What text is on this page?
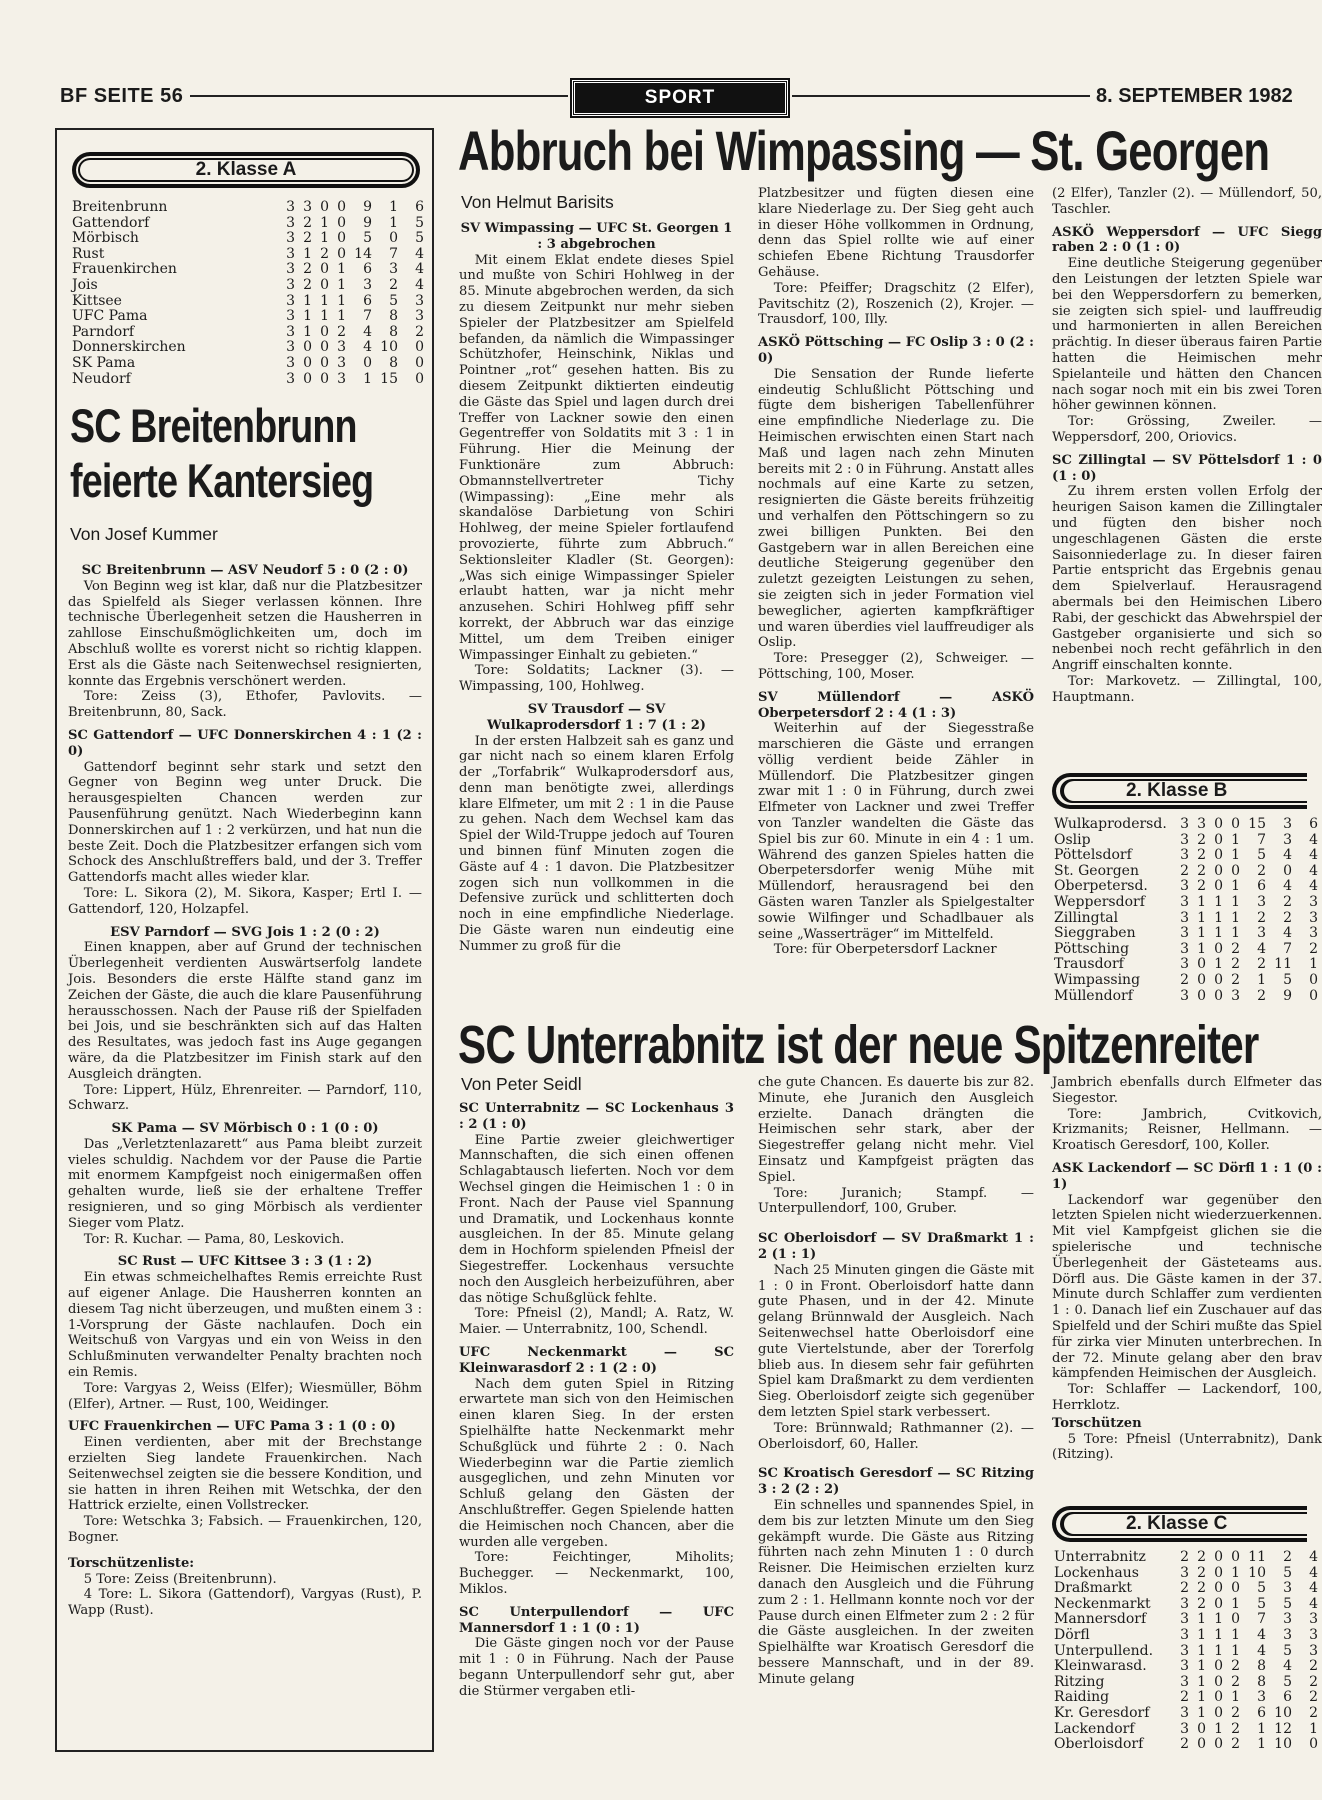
BF SEITE 56	SPORT	8. SEPTEMBER 1982
2. Klasse A
Breitenbrunn	3	3	0	0	9	1	6
Gattendorf	3	2	1	0	9	1	5
Mörbisch	3	2	1	0	5	0	5
Rust	3	1	2	0	14	7	4
Frauenkirchen	3	2	0	1	6	3	4
Jois	3	2	0	1	3	2	4
Kittsee	3	1	1	1	6	5	3
UFC Pama	3	1	1	1	7	8	3
Parndorf	3	1	0	2	4	8	2
Donnerskirchen	3	0	0	3	4	10	0
SK Pama	3	0	0	3	0	8	0
Neudorf	3	0	0	3	1	15	0
SC Breitenbrunn
feierte Kantersieg
Von Josef Kummer

SC Breitenbrunn — ASV Neudorf 5 : 0 (2 : 0)

Von Beginn weg ist klar, daß nur die Platzbesitzer das Spielfeld als Sieger verlassen können. Ihre technische Überlegenheit setzen die Hausherren in zahllose Einschußmöglichkeiten um, doch im Abschluß wollte es vorerst nicht so richtig klappen. Erst als die Gäste nach Seitenwechsel resignierten, konnte das Ergebnis verschönert werden.

Tore: Zeiss (3), Ethofer, Pavlovits. — Breitenbrunn, 80, Sack.

SC Gattendorf — UFC Donnerskirchen 4 : 1 (2 : 0)

Gattendorf beginnt sehr stark und setzt den Gegner von Beginn weg unter Druck. Die herausgespielten Chancen werden zur Pausenführung genützt. Nach Wiederbeginn kann Donnerskirchen auf 1 : 2 verkürzen, und hat nun die beste Zeit. Doch die Platzbesitzer erfangen sich vom Schock des Anschlußtreffers bald, und der 3. Treffer Gattendorfs macht alles wieder klar.

Tore: L. Sikora (2), M. Sikora, Kasper; Ertl I. — Gattendorf, 120, Holzapfel.

ESV Parndorf — SVG Jois 1 : 2 (0 : 2)

Einen knappen, aber auf Grund der technischen Überlegenheit verdienten Auswärtserfolg landete Jois. Besonders die erste Hälfte stand ganz im Zeichen der Gäste, die auch die klare Pausenführung herausschossen. Nach der Pause riß der Spielfaden bei Jois, und sie beschränkten sich auf das Halten des Resultates, was jedoch fast ins Auge gegangen wäre, da die Platzbesitzer im Finish stark auf den Ausgleich drängten.

Tore: Lippert, Hülz, Ehrenreiter. — Parndorf, 110, Schwarz.

SK Pama — SV Mörbisch 0 : 1 (0 : 0)

Das „Verletztenlazarett“ aus Pama bleibt zurzeit vieles schuldig. Nachdem vor der Pause die Partie mit enormem Kampfgeist noch einigermaßen offen gehalten wurde, ließ sie der erhaltene Treffer resignieren, und so ging Mörbisch als verdienter Sieger vom Platz.

Tor: R. Kuchar. — Pama, 80, Leskovich.

SC Rust — UFC Kittsee 3 : 3 (1 : 2)

Ein etwas schmeichelhaftes Remis erreichte Rust auf eigener Anlage. Die Hausherren konnten an diesem Tag nicht überzeugen, und mußten einem 3 : 1-Vorsprung der Gäste nachlaufen. Doch ein Weitschuß von Vargyas und ein von Weiss in den Schlußminuten verwandelter Penalty brachten noch ein Remis.

Tore: Vargyas 2, Weiss (Elfer); Wiesmüller, Böhm (Elfer), Artner. — Rust, 100, Weidinger.

UFC Frauenkirchen — UFC Pama 3 : 1 (0 : 0)

Einen verdienten, aber mit der Brechstange erzielten Sieg landete Frauenkirchen. Nach Seitenwechsel zeigten sie die bessere Kondition, und sie hatten in ihren Reihen mit Wetschka, der den Hattrick erzielte, einen Vollstrecker.

Tore: Wetschka 3; Fabsich. — Frauenkirchen, 120, Bogner.

Torschützenliste:

5 Tore: Zeiss (Breitenbrunn).

4 Tore: L. Sikora (Gattendorf), Vargyas (Rust), P. Wapp (Rust).

Abbruch bei Wimpassing — St. Georgen
Von Helmut Barisits

SV Wimpassing — UFC St. Georgen 1 : 3 abgebrochen

Mit einem Eklat endete dieses Spiel und mußte von Schiri Hohlweg in der 85. Minute abgebrochen werden, da sich zu diesem Zeitpunkt nur mehr sieben Spieler der Platzbesitzer am Spielfeld befanden, da nämlich die Wimpassinger Schützhofer, Heinschink, Niklas und Pointner „rot“ gesehen hatten. Bis zu diesem Zeitpunkt diktierten eindeutig die Gäste das Spiel und lagen durch drei Treffer von Lackner sowie den einen Gegentreffer von Soldatits mit 3 : 1 in Führung. Hier die Meinung der Funktionäre zum Abbruch: Obmannstellvertreter Tichy (Wimpassing): „Eine mehr als skandalöse Darbietung von Schiri Hohlweg, der meine Spieler fortlaufend provozierte, führte zum Abbruch.“ Sektionsleiter Kladler (St. Georgen): „Was sich einige Wimpassinger Spieler erlaubt hatten, war ja nicht mehr anzusehen. Schiri Hohlweg pfiff sehr korrekt, der Abbruch war das einzige Mittel, um dem Treiben einiger Wimpassinger Einhalt zu gebieten.“

Tore: Soldatits; Lackner (3). — Wimpassing, 100, Hohlweg.

SV Trausdorf — SV Wulkaprodersdorf 1 : 7 (1 : 2)

In der ersten Halbzeit sah es ganz und gar nicht nach so einem klaren Erfolg der „Torfabrik“ Wulkaprodersdorf aus, denn man benötigte zwei, allerdings klare Elfmeter, um mit 2 : 1 in die Pause zu gehen. Nach dem Wechsel kam das Spiel der Wild-Truppe jedoch auf Touren und binnen fünf Minuten zogen die Gäste auf 4 : 1 davon. Die Platzbesitzer zogen sich nun vollkommen in die Defensive zurück und schlitterten doch noch in eine empfindliche Niederlage. Die Gäste waren nun eindeutig eine Nummer zu groß für die

Platzbesitzer und fügten diesen eine klare Niederlage zu. Der Sieg geht auch in dieser Höhe vollkommen in Ordnung, denn das Spiel rollte wie auf einer schiefen Ebene Richtung Trausdorfer Gehäuse.

Tore: Pfeiffer; Dragschitz (2 Elfer), Pavitschitz (2), Roszenich (2), Krojer. — Trausdorf, 100, Illy.

ASKÖ Pöttsching — FC Oslip 3 : 0 (2 : 0)

Die Sensation der Runde lieferte eindeutig Schlußlicht Pöttsching und fügte dem bisherigen Tabellenführer eine empfindliche Niederlage zu. Die Heimischen erwischten einen Start nach Maß und lagen nach zehn Minuten bereits mit 2 : 0 in Führung. Anstatt alles nochmals auf eine Karte zu setzen, resignierten die Gäste bereits frühzeitig und verhalfen den Pöttschingern so zu zwei billigen Punkten. Bei den Gastgebern war in allen Bereichen eine deutliche Steigerung gegenüber den zuletzt gezeigten Leistungen zu sehen, sie zeigten sich in jeder Formation viel beweglicher, agierten kampfkräftiger und waren überdies viel lauffreudiger als Oslip.

Tore: Presegger (2), Schweiger. — Pöttsching, 100, Moser.

SV Müllendorf — ASKÖ Oberpetersdorf 2 : 4 (1 : 3)

Weiterhin auf der Siegesstraße marschieren die Gäste und errangen völlig verdient beide Zähler in Müllendorf. Die Platzbesitzer gingen zwar mit 1 : 0 in Führung, durch zwei Elfmeter von Lackner und zwei Treffer von Tanzler wandelten die Gäste das Spiel bis zur 60. Minute in ein 4 : 1 um. Während des ganzen Spieles hatten die Oberpetersdorfer wenig Mühe mit Müllendorf, herausragend bei den Gästen waren Tanzler als Spielgestalter sowie Wilfinger und Schadlbauer als seine „Wasserträger“ im Mittelfeld.

Tore: für Oberpetersdorf Lackner

(2 Elfer), Tanzler (2). — Müllendorf, 50, Taschler.

ASKÖ Weppersdorf — UFC Siegg raben 2 : 0 (1 : 0)

Eine deutliche Steigerung gegenüber den Leistungen der letzten Spiele war bei den Weppersdorfern zu bemerken, sie zeigten sich spiel- und lauffreudig und harmonierten in allen Bereichen prächtig. In dieser überaus fairen Partie hatten die Heimischen mehr Spielanteile und hätten den Chancen nach sogar noch mit ein bis zwei Toren höher gewinnen können.

Tor: Grössing, Zweiler. — Weppersdorf, 200, Oriovics.

SC Zillingtal — SV Pöttelsdorf 1 : 0 (1 : 0)

Zu ihrem ersten vollen Erfolg der heurigen Saison kamen die Zillingtaler und fügten den bisher noch ungeschlagenen Gästen die erste Saisonniederlage zu. In dieser fairen Partie entspricht das Ergebnis genau dem Spielverlauf. Herausragend abermals bei den Heimischen Libero Rabi, der geschickt das Abwehrspiel der Gastgeber organisierte und sich so nebenbei noch recht gefährlich in den Angriff einschalten konnte.

Tor: Markovetz. — Zillingtal, 100, Hauptmann.

2. Klasse B
Wulkaprodersd.	3	3	0	0	15	3	6
Oslip	3	2	0	1	7	3	4
Pöttelsdorf	3	2	0	1	5	4	4
St. Georgen	2	2	0	0	2	0	4
Oberpetersd.	3	2	0	1	6	4	4
Weppersdorf	3	1	1	1	3	2	3
Zillingtal	3	1	1	1	2	2	3
Sieggraben	3	1	1	1	3	4	3
Pöttsching	3	1	0	2	4	7	2
Trausdorf	3	0	1	2	2	11	1
Wimpassing	2	0	0	2	1	5	0
Müllendorf	3	0	0	3	2	9	0
SC Unterrabnitz ist der neue Spitzenreiter
Von Peter Seidl

SC Unterrabnitz — SC Lockenhaus 3 : 2 (1 : 0)

Eine Partie zweier gleichwertiger Mannschaften, die sich einen offenen Schlagabtausch lieferten. Noch vor dem Wechsel gingen die Heimischen 1 : 0 in Front. Nach der Pause viel Spannung und Dramatik, und Lockenhaus konnte ausgleichen. In der 85. Minute gelang dem in Hochform spielenden Pfneisl der Siegestreffer. Lockenhaus versuchte noch den Ausgleich herbeizuführen, aber das nötige Schußglück fehlte.

Tore: Pfneisl (2), Mandl; A. Ratz, W. Maier. — Unterrabnitz, 100, Schendl.

UFC Neckenmarkt — SC Kleinwarasdorf 2 : 1 (2 : 0)

Nach dem guten Spiel in Ritzing erwartete man sich von den Heimischen einen klaren Sieg. In der ersten Spielhälfte hatte Neckenmarkt mehr Schußglück und führte 2 : 0. Nach Wiederbeginn war die Partie ziemlich ausgeglichen, und zehn Minuten vor Schluß gelang den Gästen der Anschlußtreffer. Gegen Spielende hatten die Heimischen noch Chancen, aber die wurden alle vergeben.

Tore: Feichtinger, Miholits; Buchegger. — Neckenmarkt, 100, Miklos.

SC Unterpullendorf — UFC Mannersdorf 1 : 1 (0 : 1)

Die Gäste gingen noch vor der Pause mit 1 : 0 in Führung. Nach der Pause begann Unterpullendorf sehr gut, aber die Stürmer vergaben etli-

che gute Chancen. Es dauerte bis zur 82. Minute, ehe Juranich den Ausgleich erzielte. Danach drängten die Heimischen sehr stark, aber der Siegestreffer gelang nicht mehr. Viel Einsatz und Kampfgeist prägten das Spiel.

Tore: Juranich; Stampf. — Unterpullendorf, 100, Gruber.

SC Oberloisdorf — SV Draßmarkt 1 : 2 (1 : 1)

Nach 25 Minuten gingen die Gäste mit 1 : 0 in Front. Oberloisdorf hatte dann gute Phasen, und in der 42. Minute gelang Brünnwald der Ausgleich. Nach Seitenwechsel hatte Oberloisdorf eine gute Viertelstunde, aber der Torerfolg blieb aus. In diesem sehr fair geführten Spiel kam Draßmarkt zu dem verdienten Sieg. Oberloisdorf zeigte sich gegenüber dem letzten Spiel stark verbessert.

Tore: Brünnwald; Rathmanner (2). — Oberloisdorf, 60, Haller.

SC Kroatisch Geresdorf — SC Ritzing 3 : 2 (2 : 2)

Ein schnelles und spannendes Spiel, in dem bis zur letzten Minute um den Sieg gekämpft wurde. Die Gäste aus Ritzing führten nach zehn Minuten 1 : 0 durch Reisner. Die Heimischen erzielten kurz danach den Ausgleich und die Führung zum 2 : 1. Hellmann konnte noch vor der Pause durch einen Elfmeter zum 2 : 2 für die Gäste ausgleichen. In der zweiten Spielhälfte war Kroatisch Geresdorf die bessere Mannschaft, und in der 89. Minute gelang

Jambrich ebenfalls durch Elfmeter das Siegestor.

Tore: Jambrich, Cvitkovich, Krizmanits; Reisner, Hellmann. — Kroatisch Geresdorf, 100, Koller.

ASK Lackendorf — SC Dörfl 1 : 1 (0 : 1)

Lackendorf war gegenüber den letzten Spielen nicht wiederzuerkennen. Mit viel Kampfgeist glichen sie die spielerische und technische Überlegenheit der Gästeteams aus. Dörfl aus. Die Gäste kamen in der 37. Minute durch Schlaffer zum verdienten 1 : 0. Danach lief ein Zuschauer auf das Spielfeld und der Schiri mußte das Spiel für zirka vier Minuten unterbrechen. In der 72. Minute gelang aber den brav kämpfenden Heimischen der Ausgleich.

Tor: Schlaffer — Lackendorf, 100, Herrklotz.

Torschützen

5 Tore: Pfneisl (Unterrabnitz), Dank (Ritzing).

2. Klasse C
Unterrabnitz	2	2	0	0	11	2	4
Lockenhaus	3	2	0	1	10	5	4
Draßmarkt	2	2	0	0	5	3	4
Neckenmarkt	3	2	0	1	5	5	4
Mannersdorf	3	1	1	0	7	3	3
Dörfl	3	1	1	1	4	3	3
Unterpullend.	3	1	1	1	4	5	3
Kleinwarasd.	3	1	0	2	8	4	2
Ritzing	3	1	0	2	8	5	2
Raiding	2	1	0	1	3	6	2
Kr. Geresdorf	3	1	0	2	6	10	2
Lackendorf	3	0	1	2	1	12	1
Oberloisdorf	2	0	0	2	1	10	0
